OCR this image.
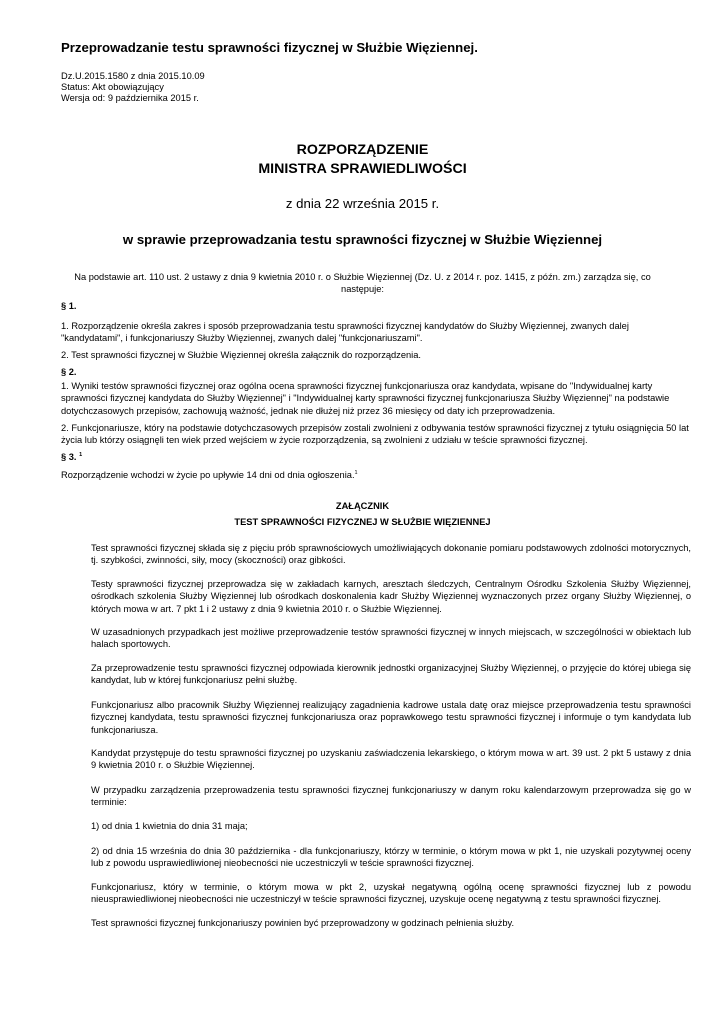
Przeprowadzanie testu sprawności fizycznej w Służbie Więziennej.
Dz.U.2015.1580 z dnia 2015.10.09
Status: Akt obowiązujący
Wersja od: 9 października 2015 r.
ROZPORZĄDZENIE
MINISTRA SPRAWIEDLIWOŚCI
z dnia 22 września 2015 r.
w sprawie przeprowadzania testu sprawności fizycznej w Służbie Więziennej
Na podstawie art. 110 ust. 2 ustawy z dnia 9 kwietnia 2010 r. o Służbie Więziennej (Dz. U. z 2014 r. poz. 1415, z późn. zm.) zarządza się, co następuje:
§ 1.
1. Rozporządzenie określa zakres i sposób przeprowadzania testu sprawności fizycznej kandydatów do Służby Więziennej, zwanych dalej "kandydatami", i funkcjonariuszy Służby Więziennej, zwanych dalej "funkcjonariuszami".
2. Test sprawności fizycznej w Służbie Więziennej określa załącznik do rozporządzenia.
§ 2.
1. Wyniki testów sprawności fizycznej oraz ogólna ocena sprawności fizycznej funkcjonariusza oraz kandydata, wpisane do "Indywidualnej karty sprawności fizycznej kandydata do Służby Więziennej" i "Indywidualnej karty sprawności fizycznej funkcjonariusza Służby Więziennej" na podstawie dotychczasowych przepisów, zachowują ważność, jednak nie dłużej niż przez 36 miesięcy od daty ich przeprowadzenia.
2. Funkcjonariusze, który na podstawie dotychczasowych przepisów zostali zwolnieni z odbywania testów sprawności fizycznej z tytułu osiągnięcia 50 lat życia lub którzy osiągnęli ten wiek przed wejściem w życie rozporządzenia, są zwolnieni z udziału w teście sprawności fizycznej.
§ 3. $^1$
Rozporządzenie wchodzi w życie po upływie 14 dni od dnia ogłoszenia.$^1$
ZAŁĄCZNIK
TEST SPRAWNOŚCI FIZYCZNEJ W SŁUŻBIE WIĘZIENNEJ
Test sprawności fizycznej składa się z pięciu prób sprawnościowych umożliwiających dokonanie pomiaru podstawowych zdolności motorycznych, tj. szybkości, zwinności, siły, mocy (skoczności) oraz gibkości.
Testy sprawności fizycznej przeprowadza się w zakładach karnych, aresztach śledczych, Centralnym Ośrodku Szkolenia Służby Więziennej, ośrodkach szkolenia Służby Więziennej lub ośrodkach doskonalenia kadr Służby Więziennej wyznaczonych przez organy Służby Więziennej, o których mowa w art. 7 pkt 1 i 2 ustawy z dnia 9 kwietnia 2010 r. o Służbie Więziennej.
W uzasadnionych przypadkach jest możliwe przeprowadzenie testów sprawności fizycznej w innych miejscach, w szczególności w obiektach lub halach sportowych.
Za przeprowadzenie testu sprawności fizycznej odpowiada kierownik jednostki organizacyjnej Służby Więziennej, o przyjęcie do której ubiega się kandydat, lub w której funkcjonariusz pełni służbę.
Funkcjonariusz albo pracownik Służby Więziennej realizujący zagadnienia kadrowe ustala datę oraz miejsce przeprowadzenia testu sprawności fizycznej kandydata, testu sprawności fizycznej funkcjonariusza oraz poprawkowego testu sprawności fizycznej i informuje o tym kandydata lub funkcjonariusza.
Kandydat przystępuje do testu sprawności fizycznej po uzyskaniu zaświadczenia lekarskiego, o którym mowa w art. 39 ust. 2 pkt 5 ustawy z dnia 9 kwietnia 2010 r. o Służbie Więziennej.
W przypadku zarządzenia przeprowadzenia testu sprawności fizycznej funkcjonariuszy w danym roku kalendarzowym przeprowadza się go w terminie:
1) od dnia 1 kwietnia do dnia 31 maja;
2) od dnia 15 września do dnia 30 października - dla funkcjonariuszy, którzy w terminie, o którym mowa w pkt 1, nie uzyskali pozytywnej oceny lub z powodu usprawiedliwionej nieobecności nie uczestniczyli w teście sprawności fizycznej.
Funkcjonariusz, który w terminie, o którym mowa w pkt 2, uzyskał negatywną ogólną ocenę sprawności fizycznej lub z powodu nieusprawiedliwionej nieobecności nie uczestniczył w teście sprawności fizycznej, uzyskuje ocenę negatywną z testu sprawności fizycznej.
Test sprawności fizycznej funkcjonariuszy powinien być przeprowadzony w godzinach pełnienia służby.
